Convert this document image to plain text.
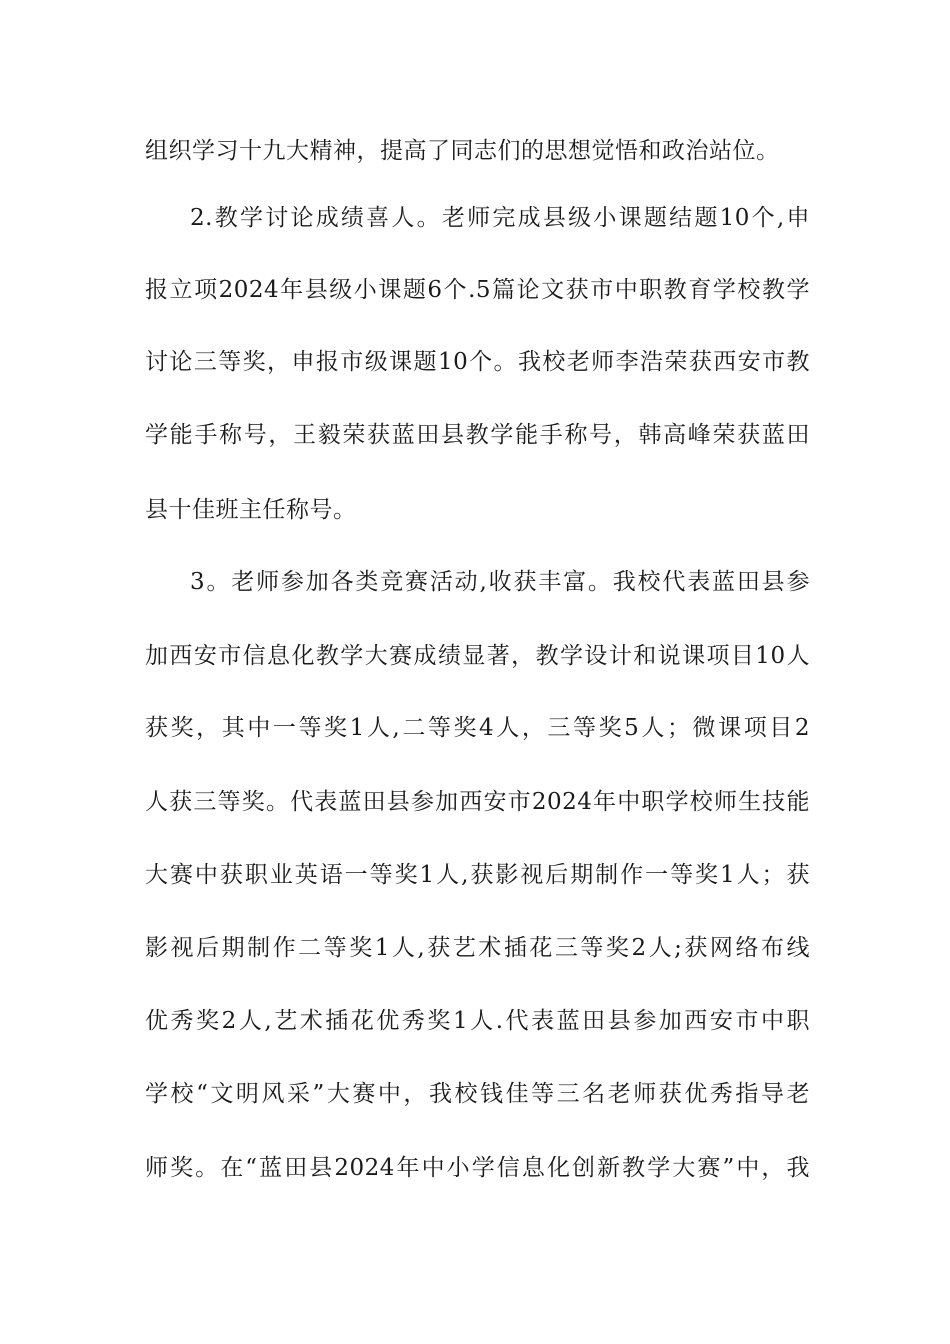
组织学习十九大精神，提高了同志们的思想觉悟和政治站位。
2.教学讨论成绩喜人。老师完成县级小课题结题10个,申
报立项2024年县级小课题6个.5篇论文获市中职教育学校教学
讨论三等奖，申报市级课题10个。我校老师李浩荣获西安市教
学能手称号，王毅荣获蓝田县教学能手称号，韩高峰荣获蓝田
县十佳班主任称号。
3。老师参加各类竞赛活动,收获丰富。我校代表蓝田县参
加西安市信息化教学大赛成绩显著，教学设计和说课项目10人
获奖，其中一等奖1人,二等奖4人，三等奖5人；微课项目2
人获三等奖。代表蓝田县参加西安市2024年中职学校师生技能
大赛中获职业英语一等奖1人,获影视后期制作一等奖1人；获
影视后期制作二等奖1人,获艺术插花三等奖2人;获网络布线
优秀奖2人,艺术插花优秀奖1人.代表蓝田县参加西安市中职
学校“文明风采”大赛中，我校钱佳等三名老师获优秀指导老
师奖。在“蓝田县2024年中小学信息化创新教学大赛”中，我
